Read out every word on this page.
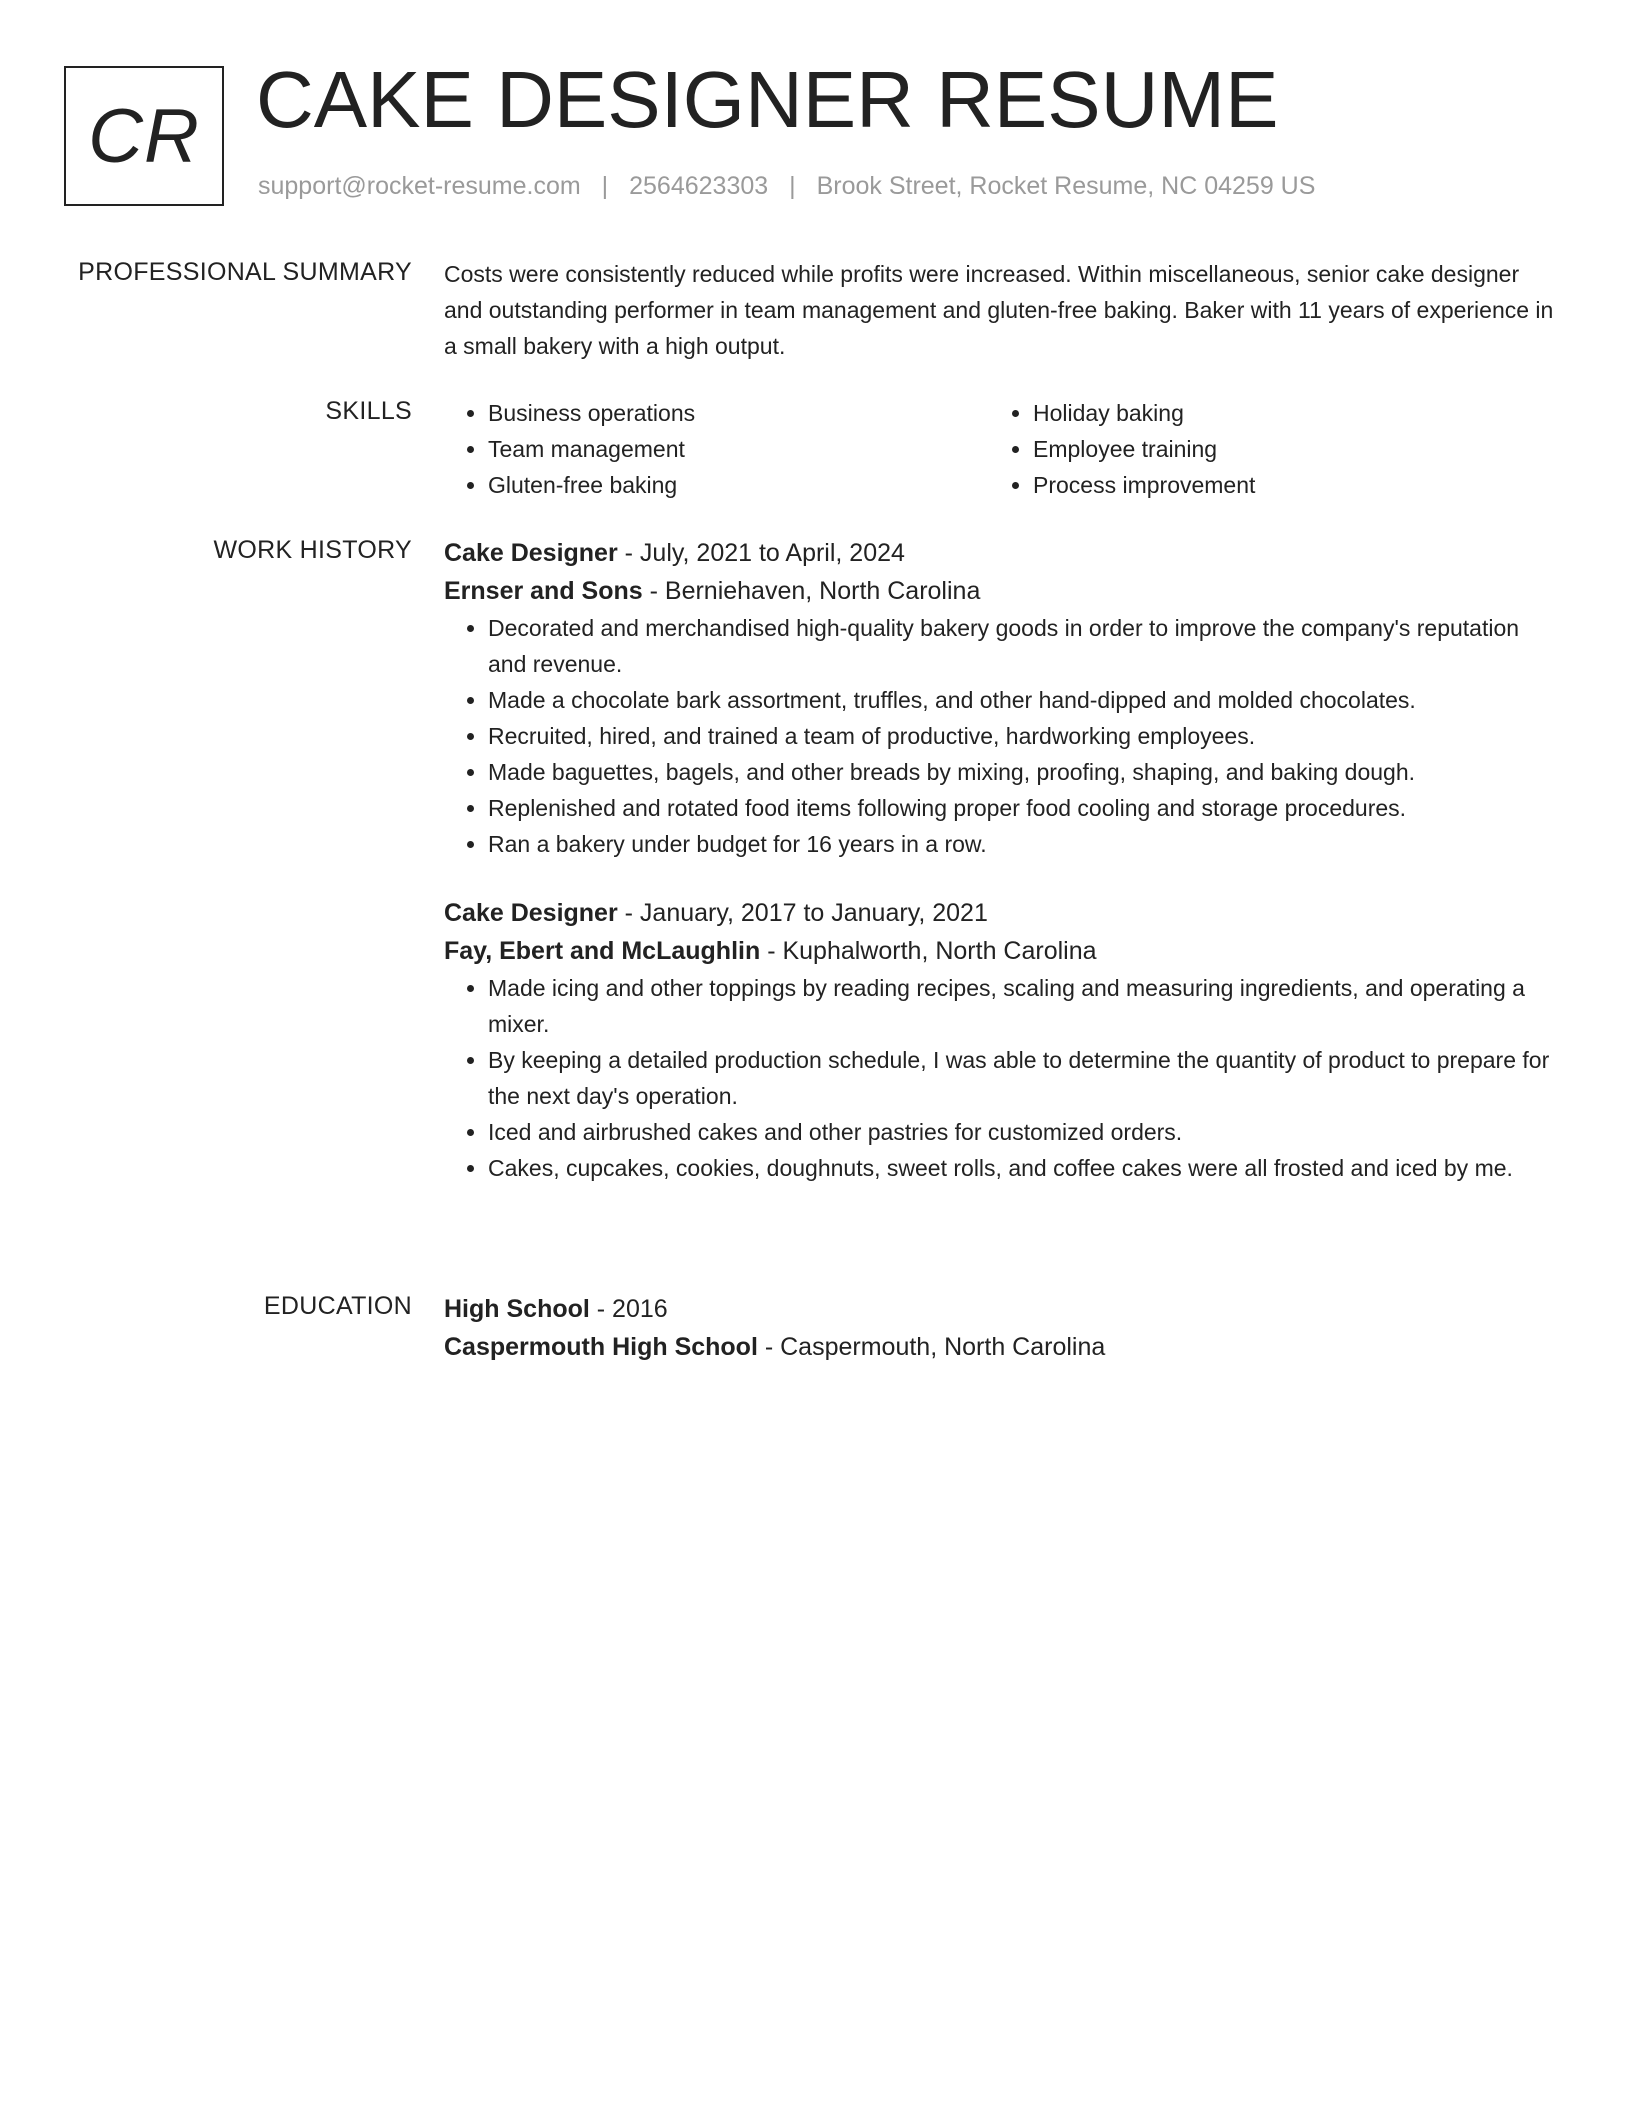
CR CAKE DESIGNER RESUME
support@rocket-resume.com | 2564623303 | Brook Street, Rocket Resume, NC 04259 US
PROFESSIONAL SUMMARY Costs were consistently reduced while profits were increased. Within miscellaneous, senior cake designer and outstanding performer in team management and gluten-free baking. Baker with 11 years of experience in a small bakery with a high output.

SKILLS
•	Business operations
• Team management
• Gluten-free baking
• Holiday baking
• Employee training
• Process improvement
WORK HISTORY Cake Designer - July, 2021 to April, 2024
Ernser and Sons - Berniehaven, North Carolina
• Decorated and merchandised high-quality bakery goods in order to improve the company's reputation and revenue.
• Made a chocolate bark assortment, truffles, and other hand-dipped and molded chocolates.
• Recruited, hired, and trained a team of productive, hardworking employees.
• Made baguettes, bagels, and other breads by mixing, proofing, shaping, and baking dough.
• Replenished and rotated food items following proper food cooling and storage procedures.
• Ran a bakery under budget for 16 years in a row.
Cake Designer - January, 2017 to January, 2021
Fay, Ebert and McLaughlin - Kuphalworth, North Carolina
• Made icing and other toppings by reading recipes, scaling and measuring ingredients, and operating a mixer.
• By keeping a detailed production schedule, I was able to determine the quantity of product to prepare for the next day's operation.
• Iced and airbrushed cakes and other pastries for customized orders.
• Cakes, cupcakes, cookies, doughnuts, sweet rolls, and coffee cakes were all frosted and iced by me.
EDUCATION High School - 2016
Caspermouth High School - Caspermouth, North Carolina
